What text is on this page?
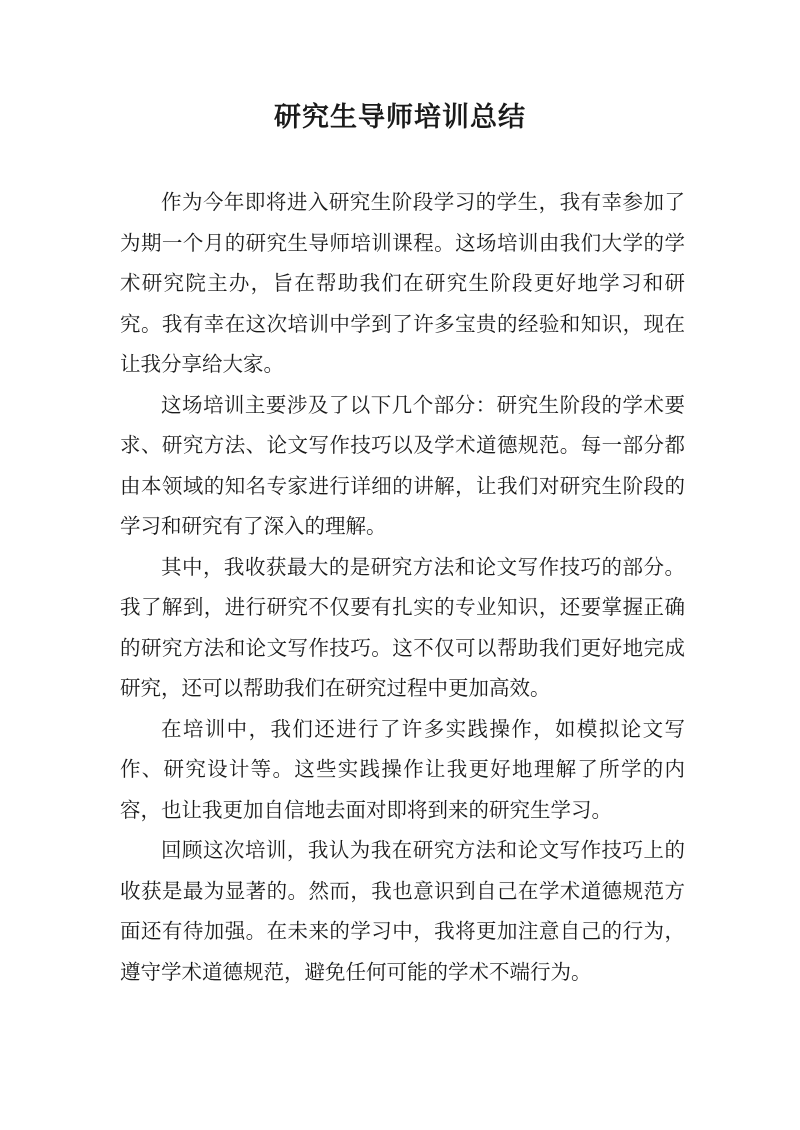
研究生导师培训总结

作为今年即将进入研究生阶段学习的学生，我有幸参加了为期一个月的研究生导师培训课程。这场培训由我们大学的学术研究院主办，旨在帮助我们在研究生阶段更好地学习和研究。我有幸在这次培训中学到了许多宝贵的经验和知识，现在让我分享给大家。

这场培训主要涉及了以下几个部分：研究生阶段的学术要求、研究方法、论文写作技巧以及学术道德规范。每一部分都由本领域的知名专家进行详细的讲解，让我们对研究生阶段的学习和研究有了深入的理解。

其中，我收获最大的是研究方法和论文写作技巧的部分。我了解到，进行研究不仅要有扎实的专业知识，还要掌握正确的研究方法和论文写作技巧。这不仅可以帮助我们更好地完成研究，还可以帮助我们在研究过程中更加高效。

在培训中，我们还进行了许多实践操作，如模拟论文写作、研究设计等。这些实践操作让我更好地理解了所学的内容，也让我更加自信地去面对即将到来的研究生学习。

回顾这次培训，我认为我在研究方法和论文写作技巧上的收获是最为显著的。然而，我也意识到自己在学术道德规范方面还有待加强。在未来的学习中，我将更加注意自己的行为，遵守学术道德规范，避免任何可能的学术不端行为。
